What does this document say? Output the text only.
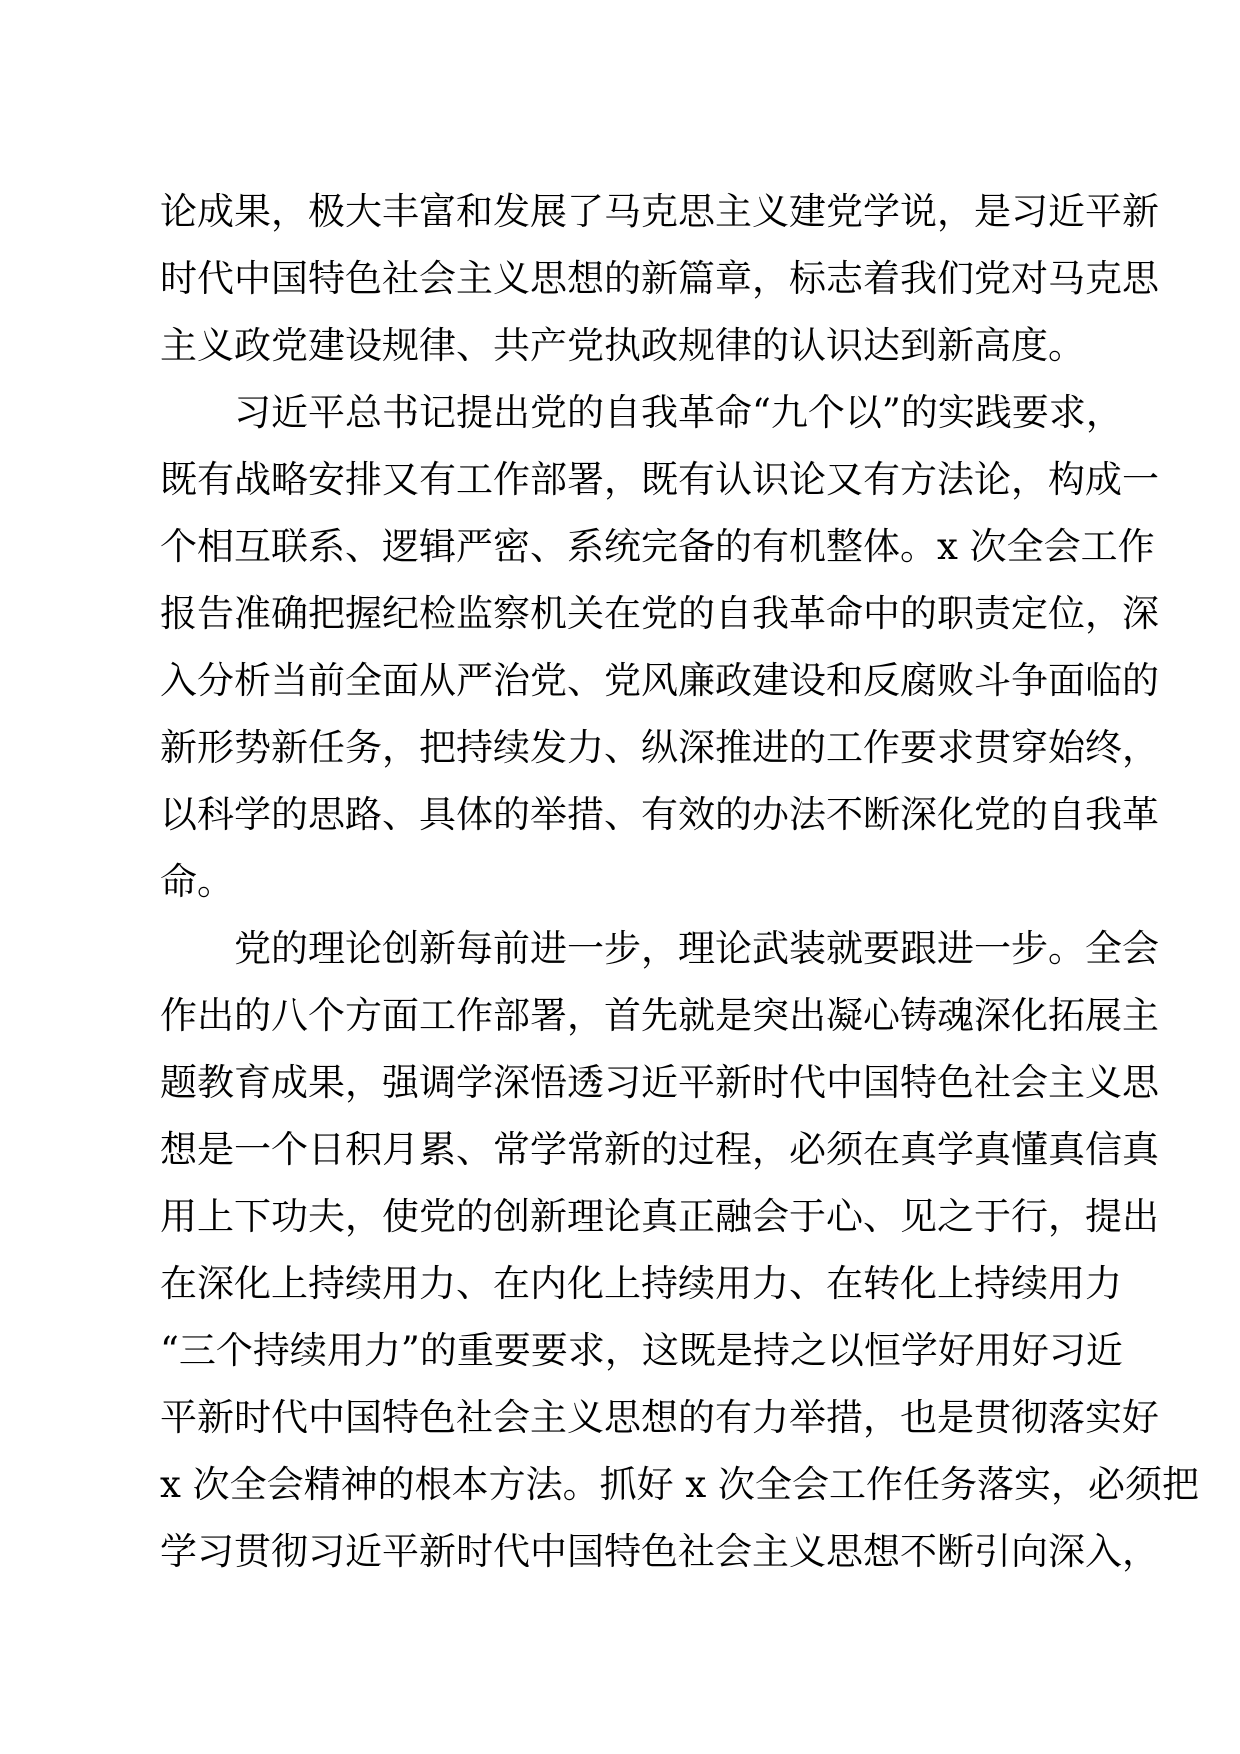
论成果，极大丰富和发展了马克思主义建党学说，是习近平新
时代中国特色社会主义思想的新篇章，标志着我们党对马克思
主义政党建设规律、共产党执政规律的认识达到新高度。
习近平总书记提出党的自我革命“九个以”的实践要求，
既有战略安排又有工作部署，既有认识论又有方法论，构成一
个相互联系、逻辑严密、系统完备的有机整体。x 次全会工作
报告准确把握纪检监察机关在党的自我革命中的职责定位，深
入分析当前全面从严治党、党风廉政建设和反腐败斗争面临的
新形势新任务，把持续发力、纵深推进的工作要求贯穿始终，
以科学的思路、具体的举措、有效的办法不断深化党的自我革
命。
党的理论创新每前进一步，理论武装就要跟进一步。全会
作出的八个方面工作部署，首先就是突出凝心铸魂深化拓展主
题教育成果，强调学深悟透习近平新时代中国特色社会主义思
想是一个日积月累、常学常新的过程，必须在真学真懂真信真
用上下功夫，使党的创新理论真正融会于心、见之于行，提出
在深化上持续用力、在内化上持续用力、在转化上持续用力
“三个持续用力”的重要要求，这既是持之以恒学好用好习近
平新时代中国特色社会主义思想的有力举措，也是贯彻落实好
x 次全会精神的根本方法。抓好 x 次全会工作任务落实，必须把
学习贯彻习近平新时代中国特色社会主义思想不断引向深入，
